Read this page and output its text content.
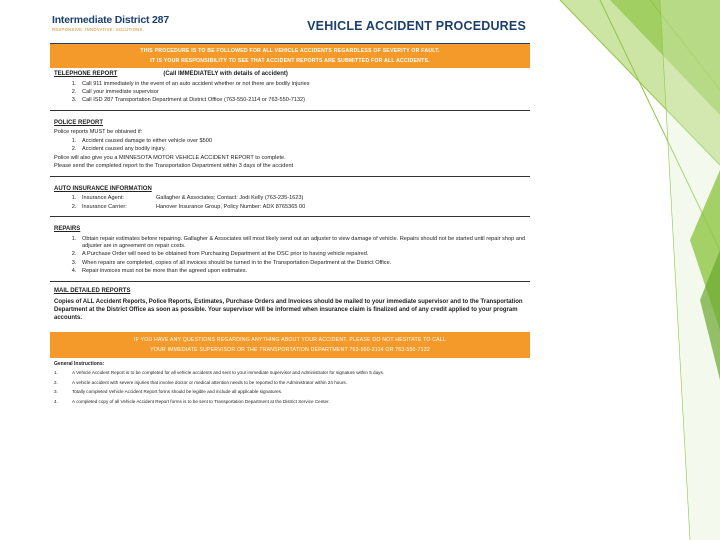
Intermediate District 287
RESPONSIVE. INNOVATIVE. SOLUTIONS.	VEHICLE ACCIDENT PROCEDURES
THIS PROCEDURE IS TO BE FOLLOWED FOR ALL VEHICLE ACCIDENTS REGARDLESS OF SEVERITY OR FAULT.
IT IS YOUR RESPONSIBILITY TO SEE THAT ACCIDENT REPORTS ARE SUBMITTED FOR ALL ACCIDENTS.
TELEPHONE REPORT	(Call IMMEDIATELY with details of accident)
1. Call 911 immediately in the event of an auto accident whether or not there are bodily injuries
2. Call your immediate supervisor
3. Call ISD 287 Transportation Department at District Office (763-550-2114 or 763-550-7132)
POLICE REPORT

Police reports MUST be obtained if:

1. Accident caused damage to either vehicle over $500
2. Accident caused any bodily injury.

Police will also give you a MINNESOTA MOTOR VEHICLE ACCIDENT REPORT to complete.

Please send the completed report to the Transportation Department within 3 days of the accident

AUTO INSURANCE INFORMATION
1. Insurance Agent:	Gallagher & Associates; Contact: Jodi Kelly (763-235-1623)
2. Insurance Carrier:	Hanover Insurance Group, Policy Number: ADX 8765365 00
REPAIRS
1. Obtain repair estimates before repairing. Gallagher & Associates will most likely send out an adjuster to view damage of vehicle. Repairs should not be started until repair shop and adjuster are in agreement on repair costs.
2. A Purchase Order will need to be obtained from Purchasing Department at the DSC prior to having vehicle repaired.
3. When repairs are completed, copies of all invoices should be turned in to the Transportation Department at the District Office.
4. Repair invoices must not be more than the agreed upon estimates.
MAIL DETAILED REPORTS
Copies of ALL Accident Reports, Police Reports, Estimates, Purchase Orders and Invoices should be mailed to your immediate supervisor and to the Transportation Department at the District Office as soon as possible. Your supervisor will be informed when insurance claim is finalized and of any credit applied to your program accounts.
IF YOU HAVE ANY QUESTIONS REGARDING ANYTHING ABOUT YOUR ACCIDENT, PLEASE DO NOT HESITATE TO CALL
YOUR IMMEDIATE SUPERVISOR OR THE TRANSPORTATION DEPARTMENT 763-550-2114 OR 763-550-7132
General Instructions:
1.	A Vehicle Accident Report is to be completed for all vehicle accidents and sent to your immediate supervisor and Administrator for signature within 5 days.
2.	A vehicle accident with severe injuries that involve doctor or medical attention needs to be reported to the Administrator within 24 hours.
3.	Totally completed Vehicle Accident Report forms should be legible and include all applicable signatures.
4.	A completed copy of all Vehicle Accident Report forms is to be sent to Transportation Department at the District Service Center.
